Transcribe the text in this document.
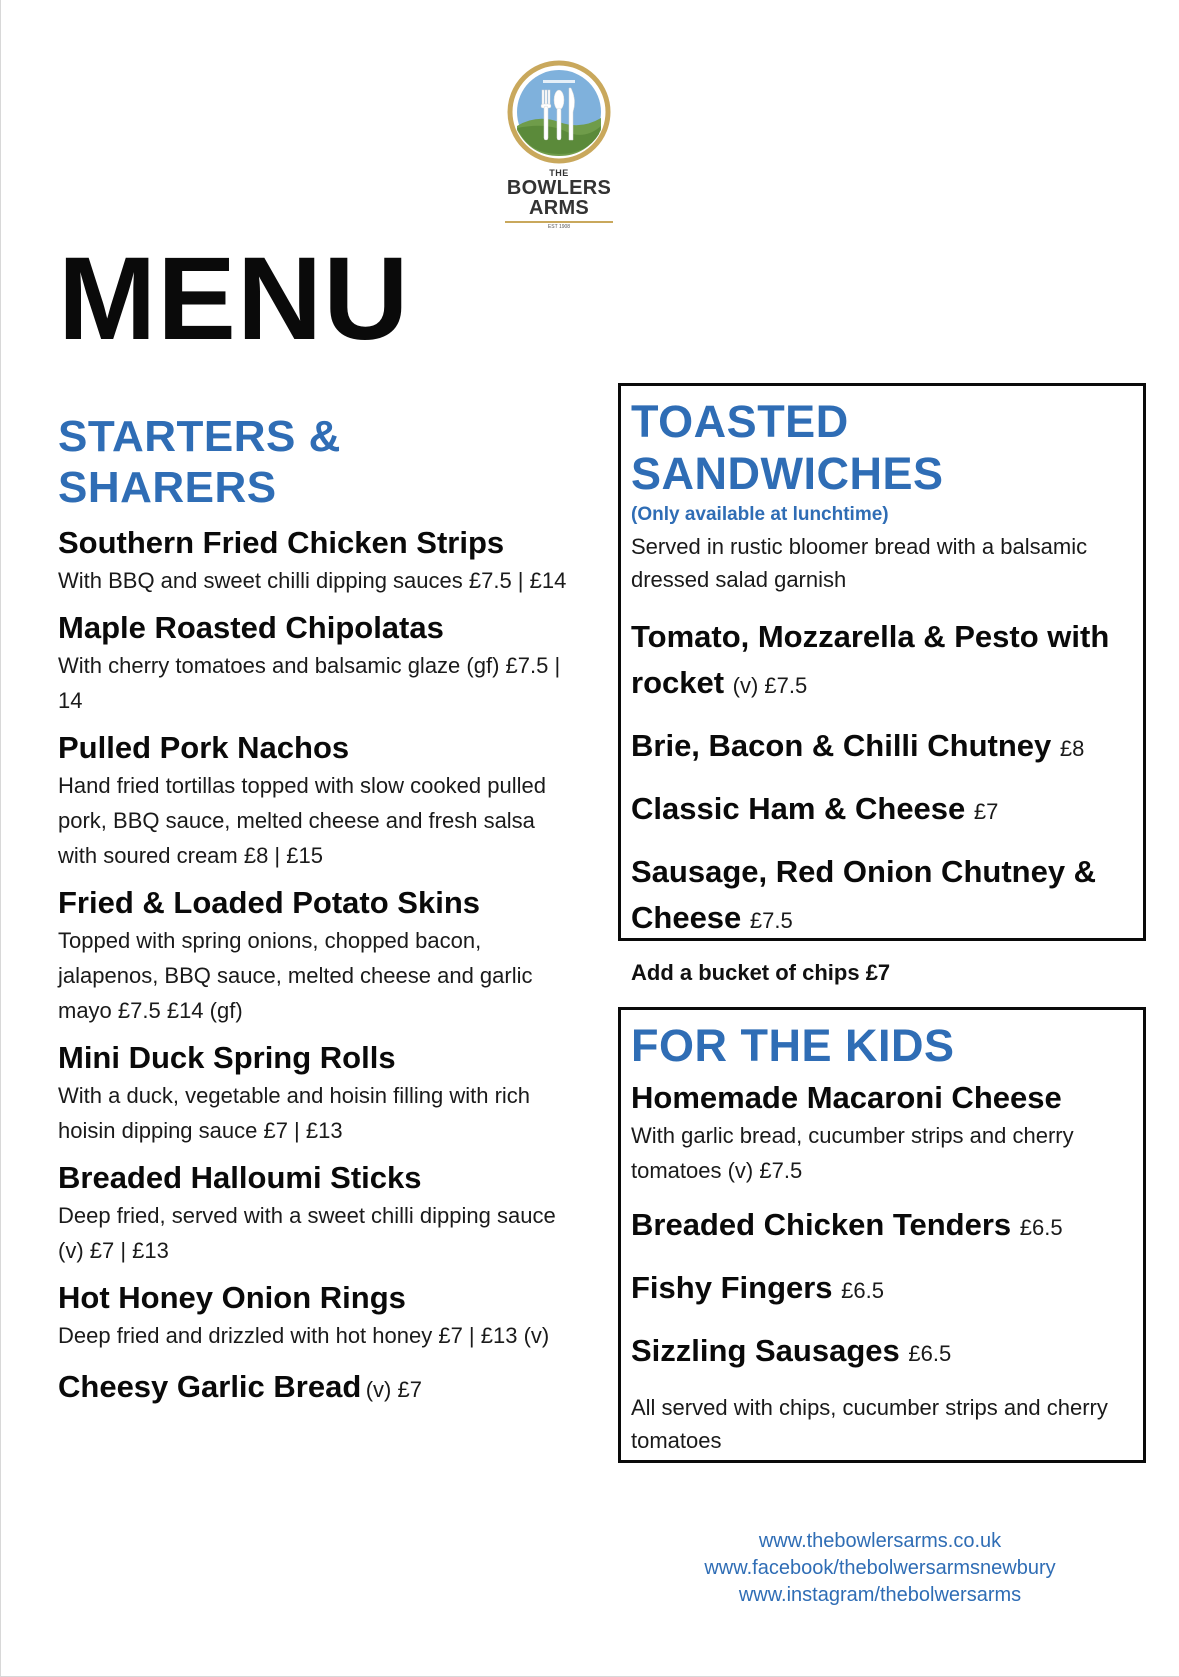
THE
BOWLERS
ARMS
EST 1908
MENU
STARTERS & SHARERS
Southern Fried Chicken Strips
With BBQ and sweet chilli dipping sauces £7.5 | £14
Maple Roasted Chipolatas
With cherry tomatoes and balsamic glaze (gf) £7.5 | 14
Pulled Pork Nachos
Hand fried tortillas topped with slow cooked pulled pork, BBQ sauce, melted cheese and fresh salsa with soured cream £8 | £15
Fried & Loaded Potato Skins
Topped with spring onions, chopped bacon, jalapenos, BBQ sauce, melted cheese and garlic mayo £7.5 £14 (gf)
Mini Duck Spring Rolls
With a duck, vegetable and hoisin filling with rich hoisin dipping sauce £7 | £13
Breaded Halloumi Sticks
Deep fried, served with a sweet chilli dipping sauce (v) £7 | £13
Hot Honey Onion Rings
Deep fried and drizzled with hot honey £7 | £13 (v)
Cheesy Garlic Bread (v) £7
TOASTED SANDWICHES
(Only available at lunchtime)
Served in rustic bloomer bread with a balsamic dressed salad garnish
Tomato, Mozzarella & Pesto with rocket (v) £7.5
Brie, Bacon & Chilli Chutney £8
Classic Ham & Cheese £7
Sausage, Red Onion Chutney & Cheese £7.5
Add a bucket of chips £7
FOR THE KIDS
Homemade Macaroni Cheese
With garlic bread, cucumber strips and cherry tomatoes (v) £7.5
Breaded Chicken Tenders £6.5
Fishy Fingers £6.5
Sizzling Sausages £6.5
All served with chips, cucumber strips and cherry tomatoes
www.thebowlersarms.co.uk
www.facebook/thebolwersarmsnewbury
www.instagram/thebolwersarms
